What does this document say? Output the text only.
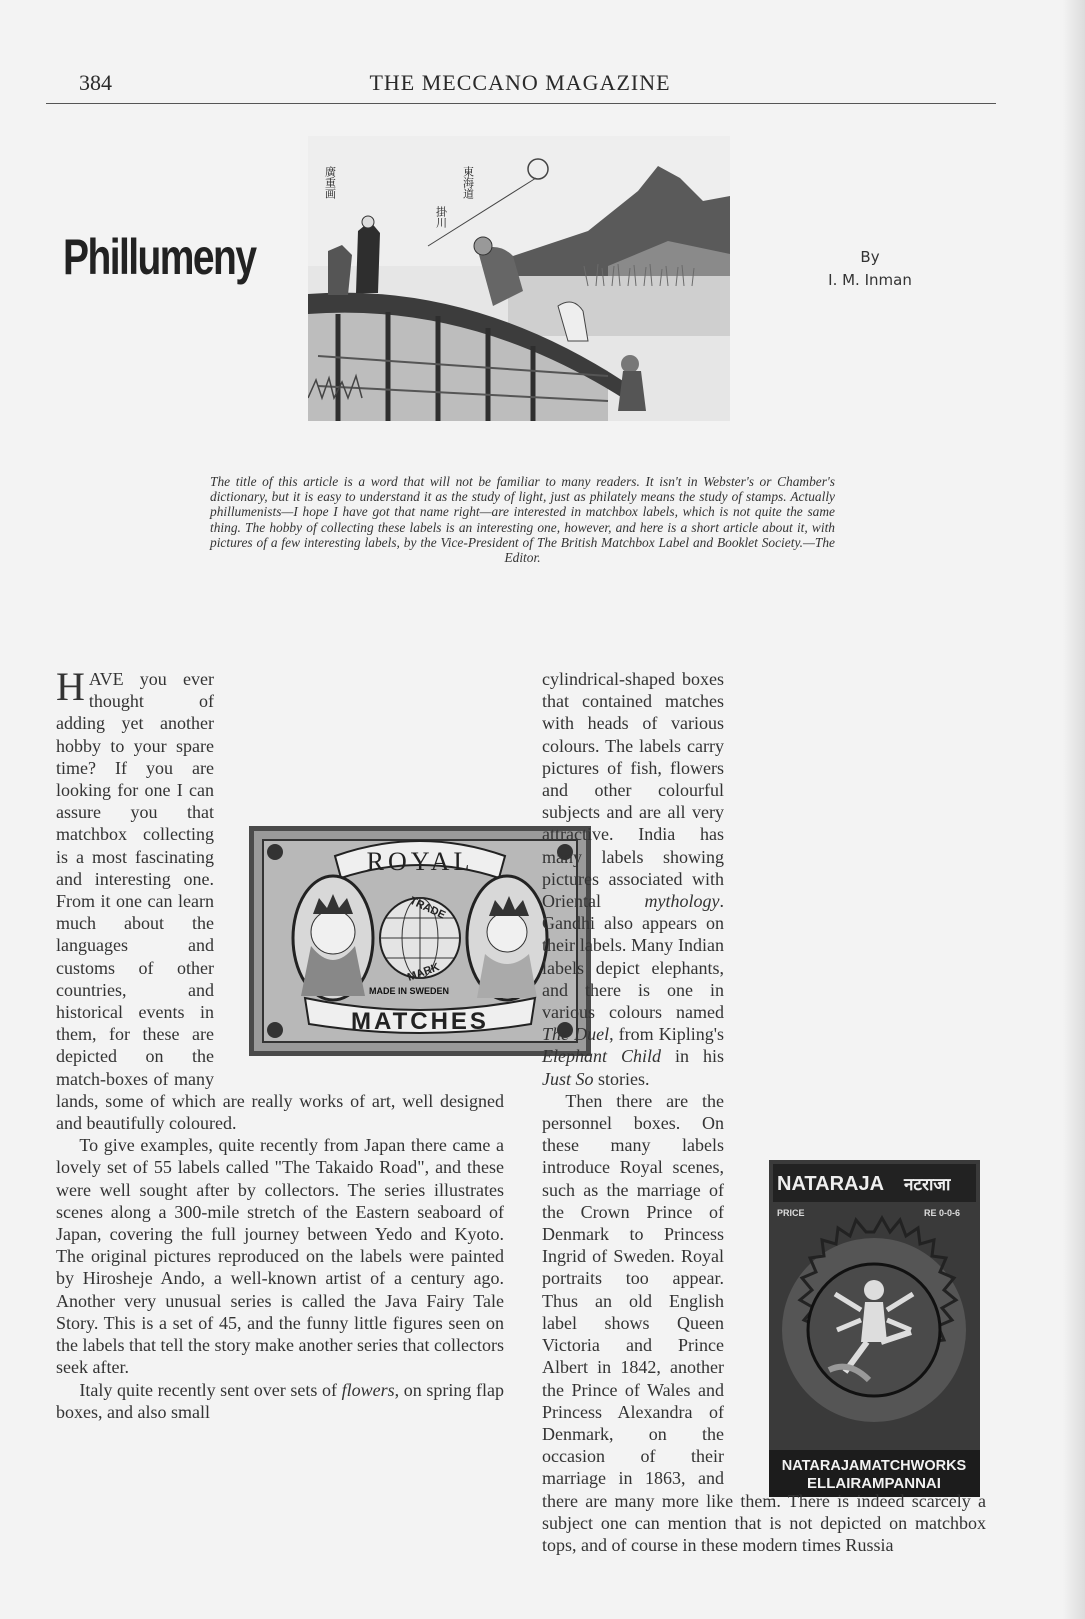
384	THE MECCANO MAGAZINE
Phillumeny
東海道
掛川
廣重画
By
I. M. Inman
The title of this article is a word that will not be familiar to many readers. It isn't in Webster's or Chamber's dictionary, but it is easy to understand it as the study of light, just as philately means the study of stamps. Actually phillumenists—I hope I have got that name right—are interested in matchbox labels, which is not quite the same thing. The hobby of collecting these labels is an interesting one, however, and here is a short article about it, with pictures of a few interesting labels, by the Vice-President of The British Matchbox Label and Booklet Society.—The Editor.
ROYAL
TRADE
MARK
MATCHES
MADE IN SWEDEN
NATARAJA नटराजा
PRICE	RE 0-0-6
NATARAJAMATCHWORKS
ELLAIRAMPANNAI

HAVE you ever thought of adding yet another hobby to your spare time? If you are looking for one I can assure you that matchbox collecting is a most fascinating and interesting one. From it one can learn much about the languages and customs of other countries, and historical events in them, for these are depicted on the match-boxes of many lands, some of which are really works of art, well designed and beautifully coloured.

To give examples, quite recently from Japan there came a lovely set of 55 labels called "The Takaido Road", and these were well sought after by collectors. The series illustrates scenes along a 300-mile stretch of the Eastern seaboard of Japan, covering the full journey between Yedo and Kyoto. The original pictures reproduced on the labels were painted by Hirosheje Ando, a well-known artist of a century ago. Another very unusual series is called the Java Fairy Tale Story. This is a set of 45, and the funny little figures seen on the labels that tell the story make another series that collectors seek after.

Italy quite recently sent over sets of flowers, on spring flap boxes, and also small

cylindrical-shaped boxes that contained matches with heads of various colours. The labels carry pictures of fish, flowers and other colourful subjects and are all very attractive. India has many labels showing pictures associated with Oriental mythology. Gandhi also appears on their labels. Many Indian labels depict elephants, and there is one in various colours named The Duel, from Kipling's Elephant Child in his Just So stories.

Then there are the personnel boxes. On these many labels introduce Royal scenes, such as the marriage of the Crown Prince of Denmark to Princess Ingrid of Sweden. Royal portraits too appear. Thus an old English label shows Queen Victoria and Prince Albert in 1842, another the Prince of Wales and Princess Alexandra of Denmark, on the occasion of their marriage in 1863, and there are many more like them. There is indeed scarcely a subject one can mention that is not depicted on matchbox tops, and of course in these modern times Russia
